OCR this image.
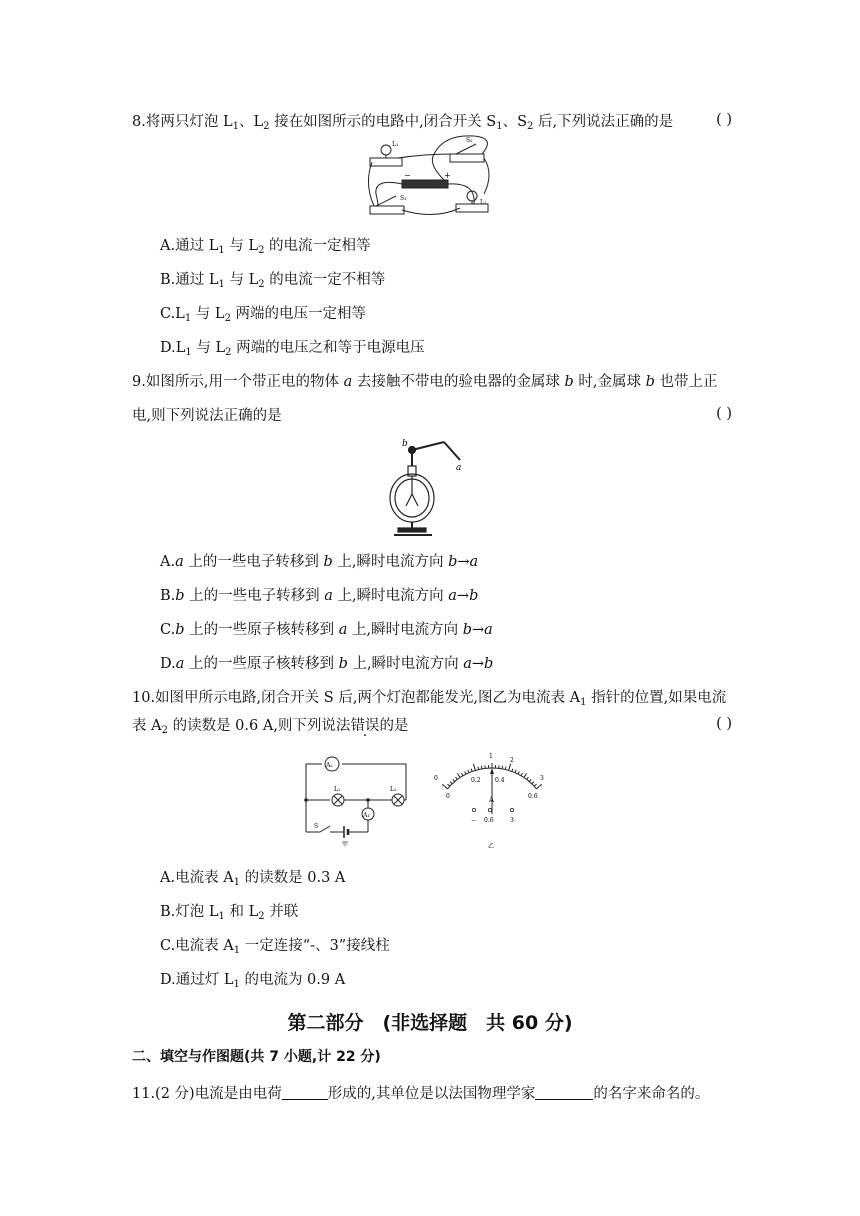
8.将两只灯泡 $L_1$、$L_2$ 接在如图所示的电路中,闭合开关 $S_1$、$S_2$ 后,下列说法正确的是	( )
L₁
S₂
S₁
L₂
−	+
A.通过 $L_1$ 与 $L_2$ 的电流一定相等
B.通过 $L_1$ 与 $L_2$ 的电流一定不相等
$C.L_1$ 与 $L_2$ 两端的电压一定相等
$D.L_1$ 与 $L_2$ 两端的电压之和等于电源电压
9.如图所示,用一个带正电的物体 a 去接触不带电的验电器的金属球 b 时,金属球 b 也带上正
电,则下列说法正确的是	( )
b
a
A.a 上的一些电子转移到 b 上,瞬时电流方向 b→a
B.b 上的一些电子转移到 a 上,瞬时电流方向 a→b
C.b 上的一些原子核转移到 a 上,瞬时电流方向 b→a
D.a 上的一些原子核转移到 b 上,瞬时电流方向 a→b
10.如图甲所示电路,闭合开关 S 后,两个灯泡都能发光,图乙为电流表 $A_1$ 指针的位置,如果电流
表 $A_2$ 的读数是 0.6 A,则下列说法错误的是	( )
A₂
A₁
L₁	L₂
S
甲
1
2
3
0
0
0.2 0.4
0.6
A
− 0.6	3
乙
A.电流表 $A_1$ 的读数是 0.3 A
B.灯泡 $L_1$ 和 $L_2$ 并联
C.电流表 $A_1$ 一定连接“-、3”接线柱
D.通过灯 $L_1$ 的电流为 0.9 A
第二部分　(非选择题　共 60 分)
二、填空与作图题(共 7 小题,计 22 分)
11.(2 分)电流是由电荷	形成的,其单位是以法国物理学家	的名字来命名的。
